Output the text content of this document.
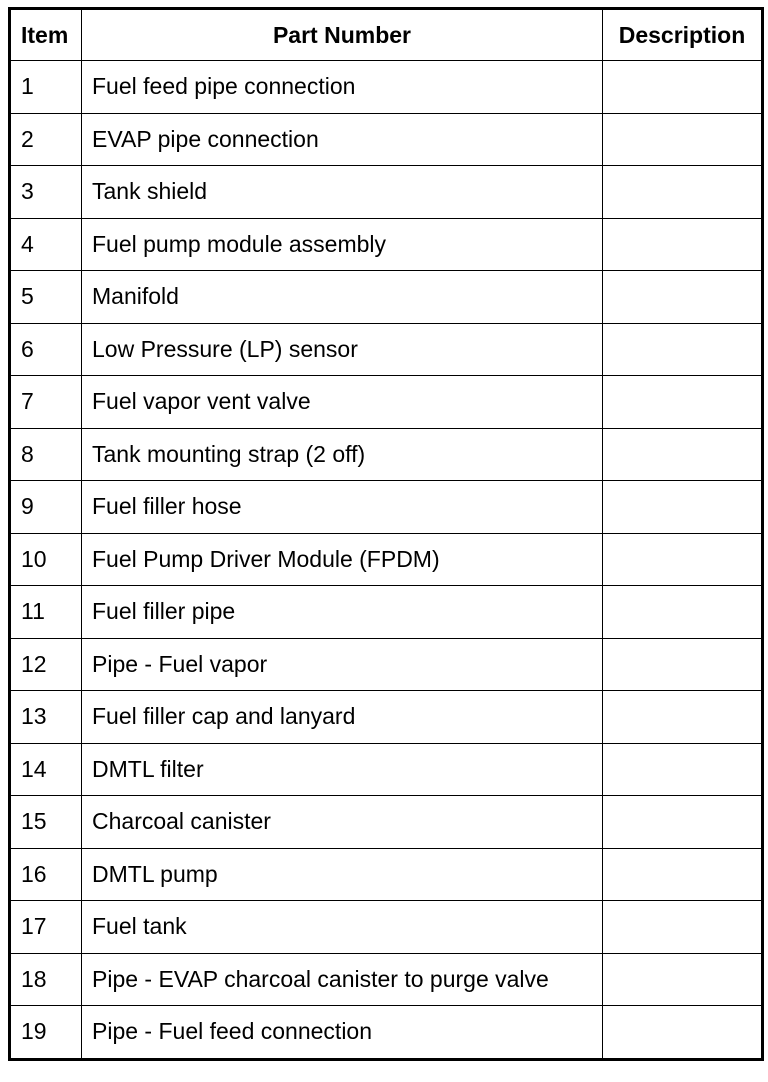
Item	Part Number	Description
1	Fuel feed pipe connection	
2	EVAP pipe connection	
3	Tank shield	
4	Fuel pump module assembly	
5	Manifold	
6	Low Pressure (LP) sensor	
7	Fuel vapor vent valve	
8	Tank mounting strap (2 off)	
9	Fuel filler hose	
10	Fuel Pump Driver Module (FPDM)	
11	Fuel filler pipe	
12	Pipe - Fuel vapor	
13	Fuel filler cap and lanyard	
14	DMTL filter	
15	Charcoal canister	
16	DMTL pump	
17	Fuel tank	
18	Pipe - EVAP charcoal canister to purge valve	
19	Pipe - Fuel feed connection	
